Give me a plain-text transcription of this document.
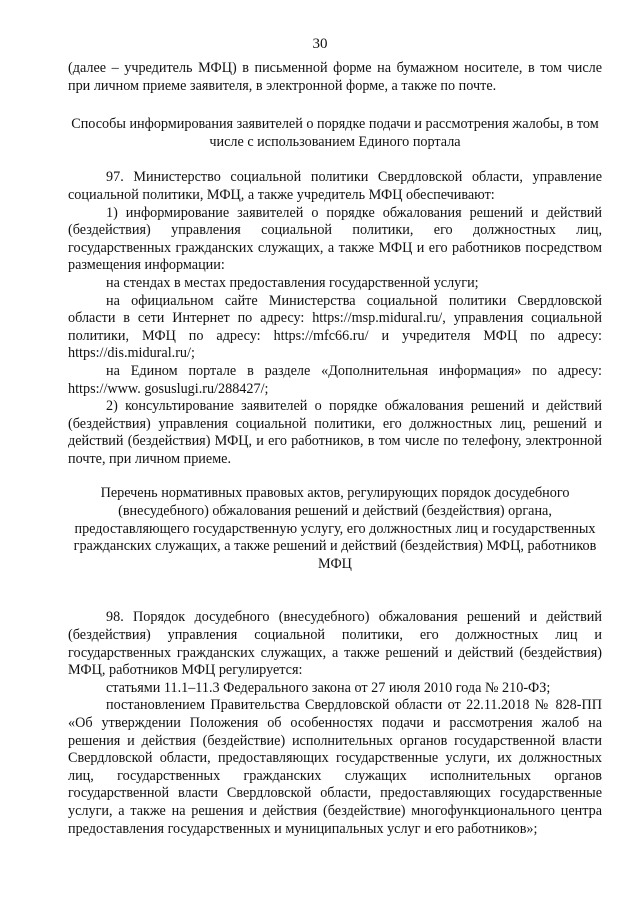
30

(далее – учредитель МФЦ) в письменной форме на бумажном носителе, в том числе при личном приеме заявителя, в электронной форме, а также по почте.

Способы информирования заявителей о порядке подачи и рассмотрения жалобы, в том числе с использованием Единого портала

97. Министерство социальной политики Свердловской области, управление социальной политики, МФЦ, а также учредитель МФЦ обеспечивают:

1) информирование заявителей о порядке обжалования решений и действий (бездействия) управления социальной политики, его должностных лиц, государственных гражданских служащих, а также МФЦ и его работников посредством размещения информации:

на стендах в местах предоставления государственной услуги;

на официальном сайте Министерства социальной политики Свердловской области в сети Интернет по адресу: https://msp.midural.ru/, управления социальной политики, МФЦ по адресу: https://mfc66.ru/ и учредителя МФЦ по адресу: https://dis.midural.ru/;

на Едином портале в разделе «Дополнительная информация» по адресу: https://www. gosuslugi.ru/288427/;

2) консультирование заявителей о порядке обжалования решений и действий (бездействия) управления социальной политики, его должностных лиц, решений и действий (бездействия) МФЦ, и его работников, в том числе по телефону, электронной почте, при личном приеме.

Перечень нормативных правовых актов, регулирующих порядок досудебного (внесудебного) обжалования решений и действий (бездействия) органа, предоставляющего государственную услугу, его должностных лиц и государственных гражданских служащих, а также решений и действий (бездействия) МФЦ, работников МФЦ

98. Порядок досудебного (внесудебного) обжалования решений и действий (бездействия) управления социальной политики, его должностных лиц и государственных гражданских служащих, а также решений и действий (бездействия) МФЦ, работников МФЦ регулируется:

статьями 11.1–11.3 Федерального закона от 27 июля 2010 года № 210-ФЗ;

постановлением Правительства Свердловской области от 22.11.2018 № 828-ПП «Об утверждении Положения об особенностях подачи и рассмотрения жалоб на решения и действия (бездействие) исполнительных органов государственной власти Свердловской области, предоставляющих государственные услуги, их должностных лиц, государственных гражданских служащих исполнительных органов государственной власти Свердловской области, предоставляющих государственные услуги, а также на решения и действия (бездействие) многофункционального центра предоставления государственных и муниципальных услуг и его работников»;
